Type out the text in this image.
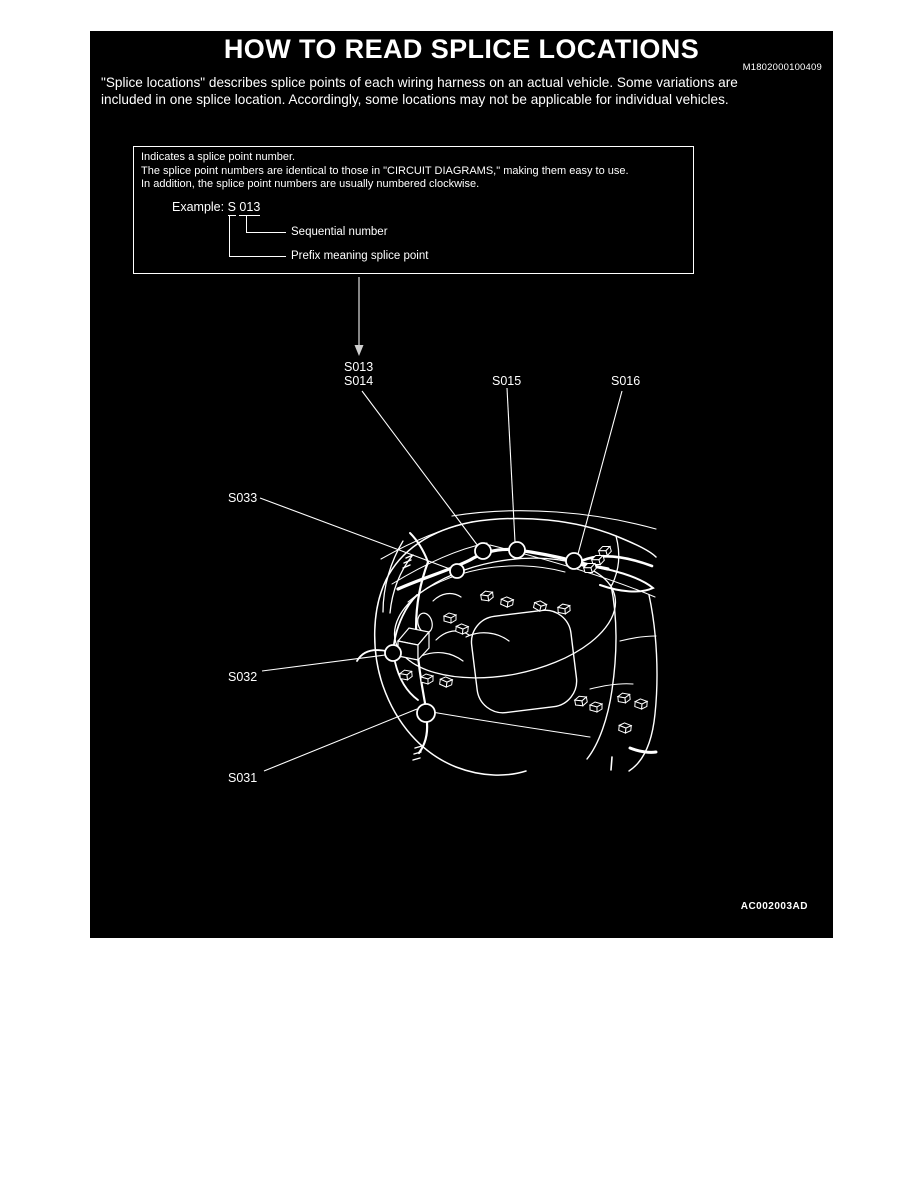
HOW TO READ SPLICE LOCATIONS
M1802000100409
"Splice locations" describes splice points of each wiring harness on an actual vehicle. Some variations are
included in one splice location. Accordingly, some locations may not be applicable for individual vehicles.
Indicates a splice point number.
The splice point numbers are identical to those in "CIRCUIT DIAGRAMS," making them easy to use.
In addition, the splice point numbers are usually numbered clockwise.
Example: S 013
Sequential number
Prefix meaning splice point
S013
S014	S015	S016
S033
S032
S031
AC002003AD
